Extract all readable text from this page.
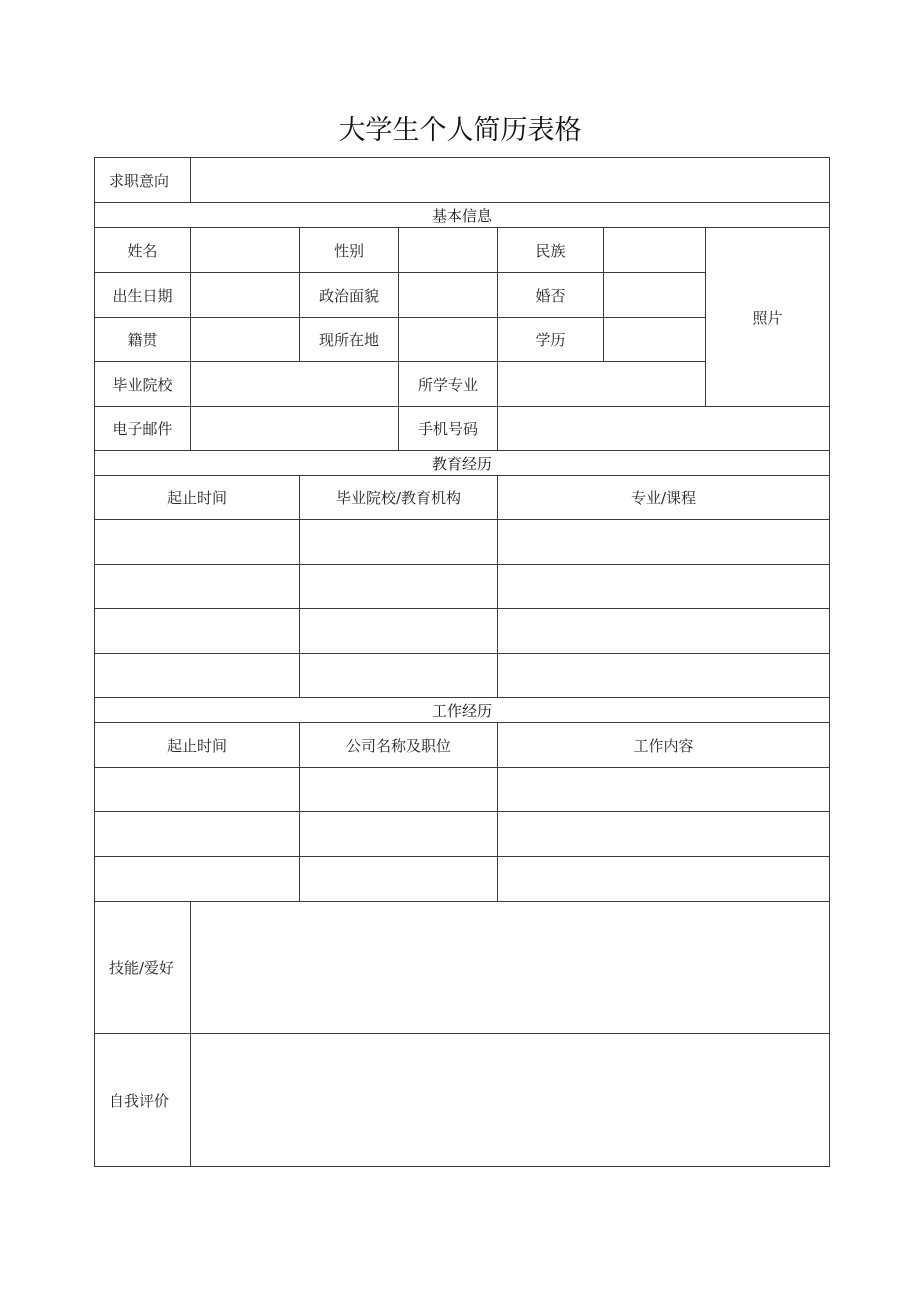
大学生个人简历表格
求职意向
基本信息
姓名	性别	民族
照片
出生日期	政治面貌	婚否
籍贯	现所在地	学历
毕业院校	所学专业
电子邮件	手机号码
教育经历
起止时间	毕业院校/教育机构	专业/课程
工作经历
起止时间	公司名称及职位	工作内容
技能/爱好
自我评价
